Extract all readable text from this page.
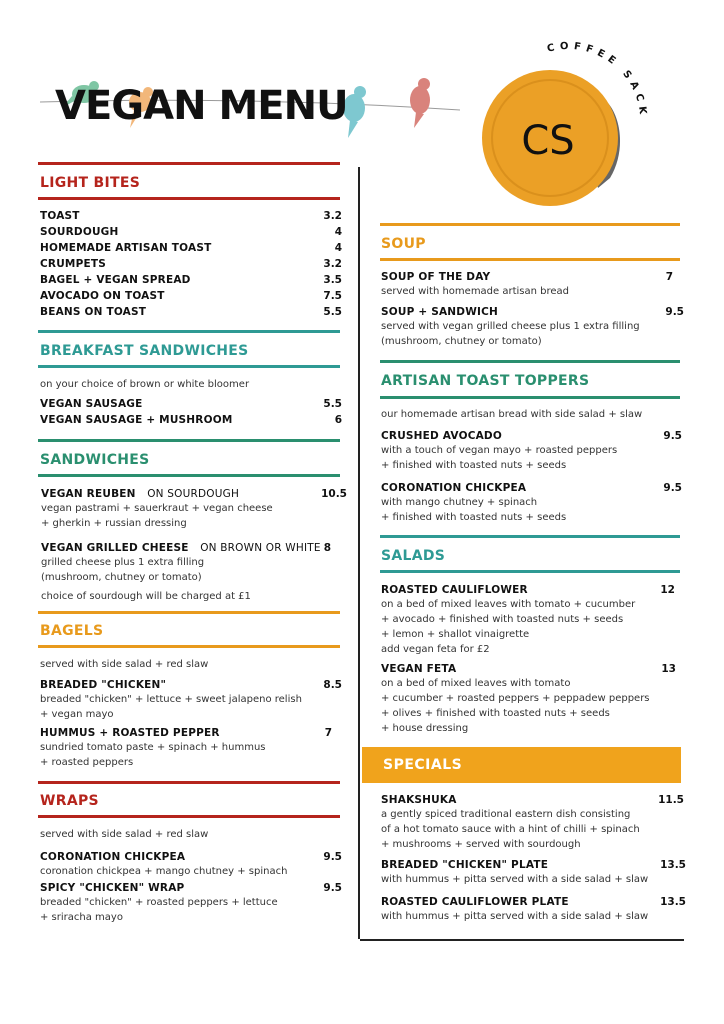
VEGAN MENU
CS
COFFEE SACK
LIGHT BITES
TOAST	3.2
SOURDOUGH	4
HOMEMADE ARTISAN TOAST	4
CRUMPETS	3.2
BAGEL + VEGAN SPREAD	3.5
AVOCADO ON TOAST	7.5
BEANS ON TOAST	5.5
BREAKFAST SANDWICHES
on your choice of brown or white bloomer
VEGAN SAUSAGE	5.5
VEGAN SAUSAGE + MUSHROOM	6
SANDWICHES
VEGAN REUBEN ON SOURDOUGH	10.5
vegan pastrami + sauerkraut + vegan cheese
+ gherkin + russian dressing
VEGAN GRILLED CHEESE ON BROWN OR WHITE 8
grilled cheese plus 1 extra filling
(mushroom, chutney or tomato)
choice of sourdough will be charged at £1
BAGELS
served with side salad + red slaw
BREADED "CHICKEN"	8.5
breaded "chicken" + lettuce + sweet jalapeno relish
+ vegan mayo
HUMMUS + ROASTED PEPPER	7
sundried tomato paste + spinach + hummus
+ roasted peppers
WRAPS
served with side salad + red slaw
CORONATION CHICKPEA	9.5
coronation chickpea + mango chutney + spinach
SPICY "CHICKEN" WRAP	9.5
breaded "chicken" + roasted peppers + lettuce
+ sriracha mayo
SOUP
SOUP OF THE DAY	7
served with homemade artisan bread
SOUP + SANDWICH	9.5
served with vegan grilled cheese plus 1 extra filling
(mushroom, chutney or tomato)
ARTISAN TOAST TOPPERS
our homemade artisan bread with side salad + slaw
CRUSHED AVOCADO	9.5
with a touch of vegan mayo + roasted peppers
+ finished with toasted nuts + seeds
CORONATION CHICKPEA	9.5
with mango chutney + spinach
+ finished with toasted nuts + seeds
SALADS
ROASTED CAULIFLOWER	12
on a bed of mixed leaves with tomato + cucumber
+ avocado + finished with toasted nuts + seeds
+ lemon + shallot vinaigrette
add vegan feta for £2
VEGAN FETA	13
on a bed of mixed leaves with tomato
+ cucumber + roasted peppers + peppadew peppers
+ olives + finished with toasted nuts + seeds
+ house dressing
SPECIALS
SHAKSHUKA	11.5
a gently spiced traditional eastern dish consisting
of a hot tomato sauce with a hint of chilli + spinach
+ mushrooms + served with sourdough
BREADED "CHICKEN" PLATE	13.5
with hummus + pitta served with a side salad + slaw
ROASTED CAULIFLOWER PLATE	13.5
with hummus + pitta served with a side salad + slaw
